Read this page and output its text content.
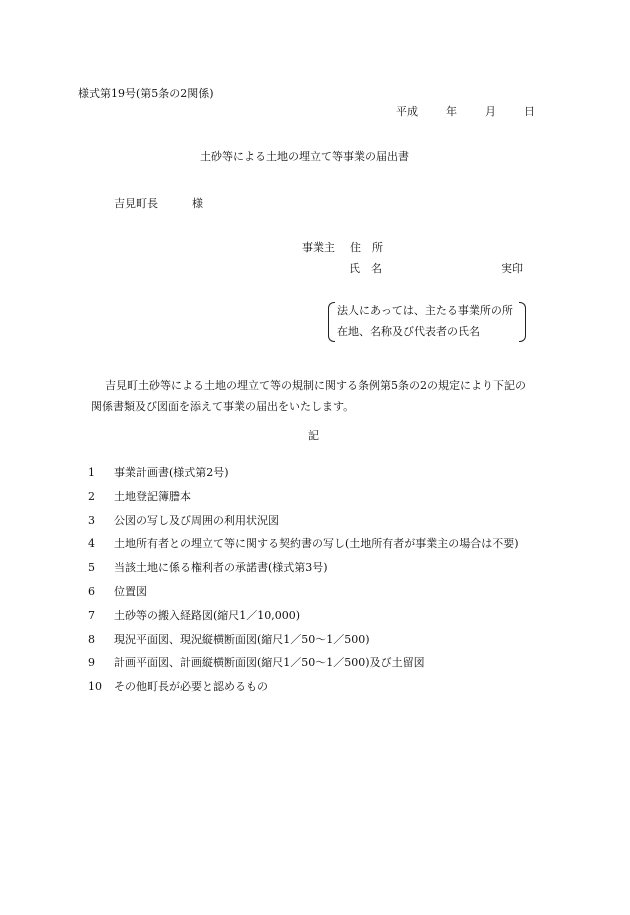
様式第19号(第5条の2関係)
平成	年	月	日
土砂等による土地の埋立て等事業の届出書
吉見町長	様
事業主 住　所
氏　名	実印
法人にあっては、主たる事業所の所
在地、名称及び代表者の氏名

吉見町土砂等による土地の埋立て等の規制に関する条例第5条の2の規定により下記の

関係書類及び図面を添えて事業の届出をいたします。

記
1 事業計画書(様式第2号)
2 土地登記簿謄本
3 公図の写し及び周囲の利用状況図
4 土地所有者との埋立て等に関する契約書の写し(土地所有者が事業主の場合は不要)
5 当該土地に係る権利者の承諾書(様式第3号)
6 位置図
7 土砂等の搬入経路図(縮尺1／10,000)
8 現況平面図、現況縦横断面図(縮尺1／50～1／500)
9 計画平面図、計画縦横断面図(縮尺1／50～1／500)及び土留図
10 その他町長が必要と認めるもの
